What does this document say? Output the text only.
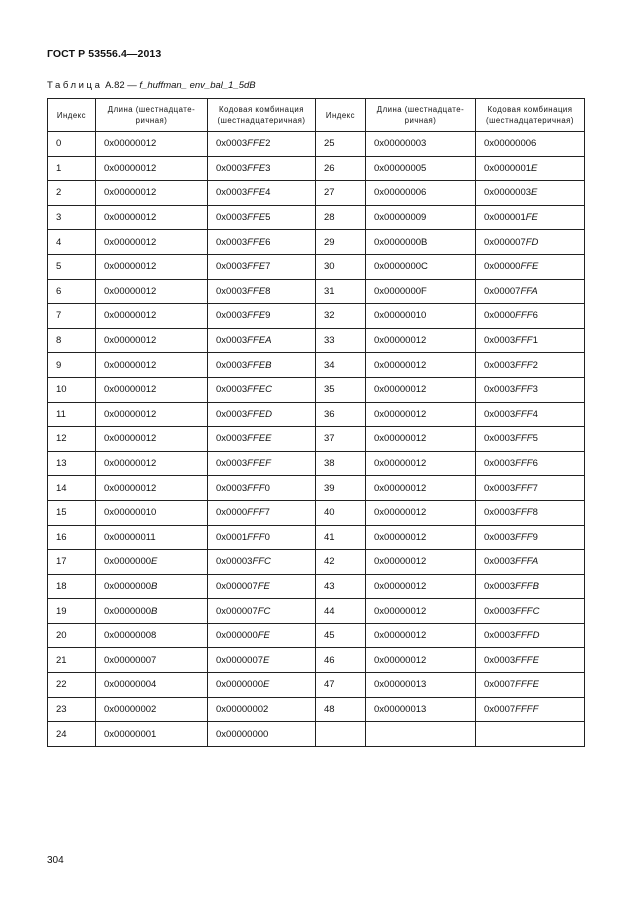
ГОСТ Р 53556.4—2013
Таблица А.82 — f_huffman_ env_bal_1_5dB
Индекс	Длина (шестнадцате-ричная)	Кодовая комбинация (шестнадцатеричная)	Индекс	Длина (шестнадцате-ричная)	Кодовая комбинация (шестнадцатеричная)
0	0x00000012	0x0003FFE2	25	0x00000003	0x00000006
1	0x00000012	0x0003FFE3	26	0x00000005	0x0000001E
2	0x00000012	0x0003FFE4	27	0x00000006	0x0000003E
3	0x00000012	0x0003FFE5	28	0x00000009	0x000001FE
4	0x00000012	0x0003FFE6	29	0x0000000B	0x000007FD
5	0x00000012	0x0003FFE7	30	0x0000000C	0x00000FFE
6	0x00000012	0x0003FFE8	31	0x0000000F	0x00007FFA
7	0x00000012	0x0003FFE9	32	0x00000010	0x0000FFF6
8	0x00000012	0x0003FFEA	33	0x00000012	0x0003FFF1
9	0x00000012	0x0003FFEB	34	0x00000012	0x0003FFF2
10	0x00000012	0x0003FFEC	35	0x00000012	0x0003FFF3
11	0x00000012	0x0003FFED	36	0x00000012	0x0003FFF4
12	0x00000012	0x0003FFEE	37	0x00000012	0x0003FFF5
13	0x00000012	0x0003FFEF	38	0x00000012	0x0003FFF6
14	0x00000012	0x0003FFF0	39	0x00000012	0x0003FFF7
15	0x00000010	0x0000FFF7	40	0x00000012	0x0003FFF8
16	0x00000011	0x0001FFF0	41	0x00000012	0x0003FFF9
17	0x0000000E	0x00003FFC	42	0x00000012	0x0003FFFA
18	0x0000000B	0x000007FE	43	0x00000012	0x0003FFFB
19	0x0000000B	0x000007FC	44	0x00000012	0x0003FFFC
20	0x00000008	0x000000FE	45	0x00000012	0x0003FFFD
21	0x00000007	0x0000007E	46	0x00000012	0x0003FFFE
22	0x00000004	0x0000000E	47	0x00000013	0x0007FFFE
23	0x00000002	0x00000002	48	0x00000013	0x0007FFFF
24	0x00000001	0x00000000			
304
